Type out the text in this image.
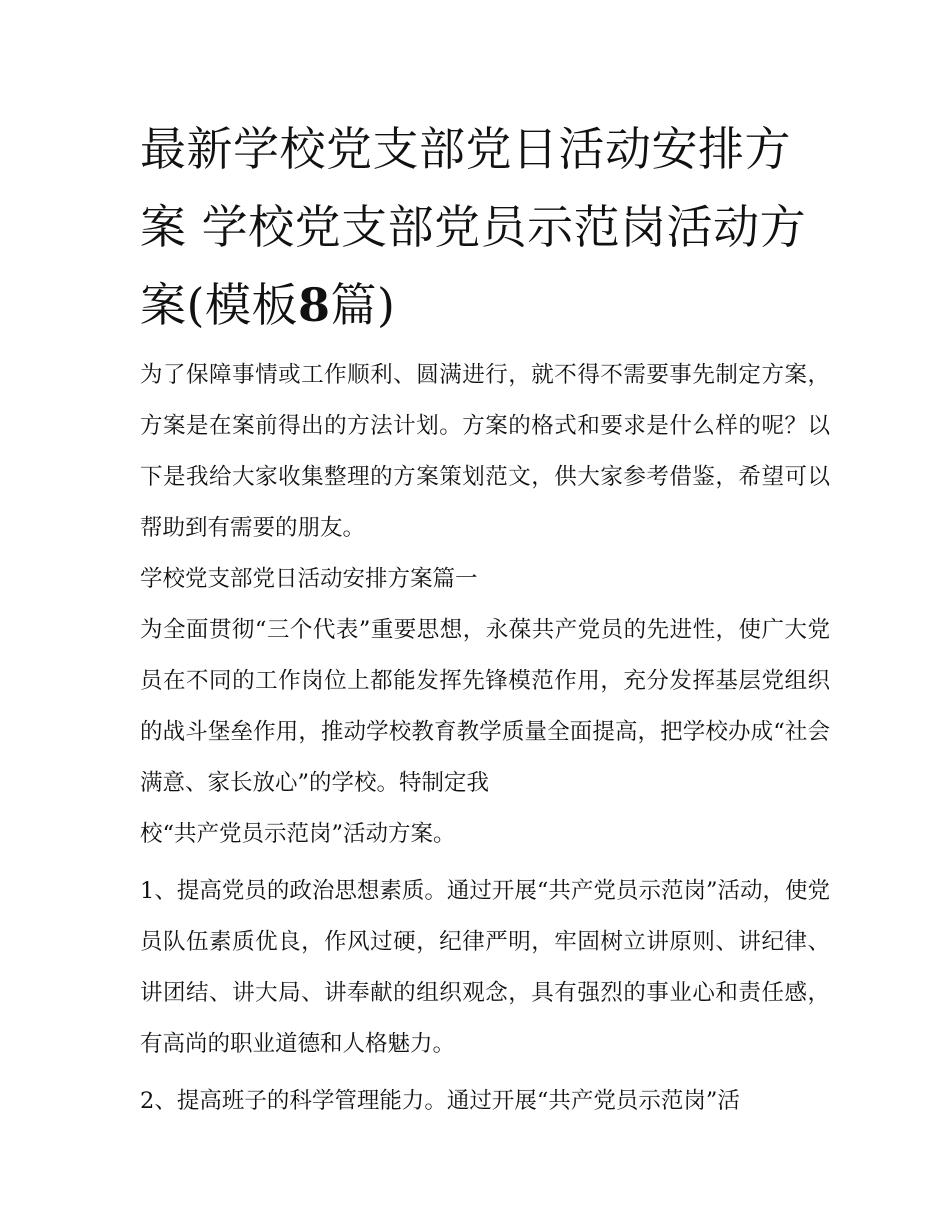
最新学校党支部党日活动安排方案 学校党支部党员示范岗活动方案(模板8篇)

为了保障事情或工作顺利、圆满进行，就不得不需要事先制定方案，方案是在案前得出的方法计划。方案的格式和要求是什么样的呢？以下是我给大家收集整理的方案策划范文，供大家参考借鉴，希望可以帮助到有需要的朋友。

学校党支部党日活动安排方案篇一

为全面贯彻“三个代表”重要思想，永葆共产党员的先进性，使广大党员在不同的工作岗位上都能发挥先锋模范作用，充分发挥基层党组织的战斗堡垒作用，推动学校教育教学质量全面提高，把学校办成“社会满意、家长放心”的学校。特制定我

校“共产党员示范岗”活动方案。

1、提高党员的政治思想素质。通过开展“共产党员示范岗”活动，使党员队伍素质优良，作风过硬，纪律严明，牢固树立讲原则、讲纪律、讲团结、讲大局、讲奉献的组织观念，具有强烈的事业心和责任感，有高尚的职业道德和人格魅力。

2、提高班子的科学管理能力。通过开展“共产党员示范岗”活
